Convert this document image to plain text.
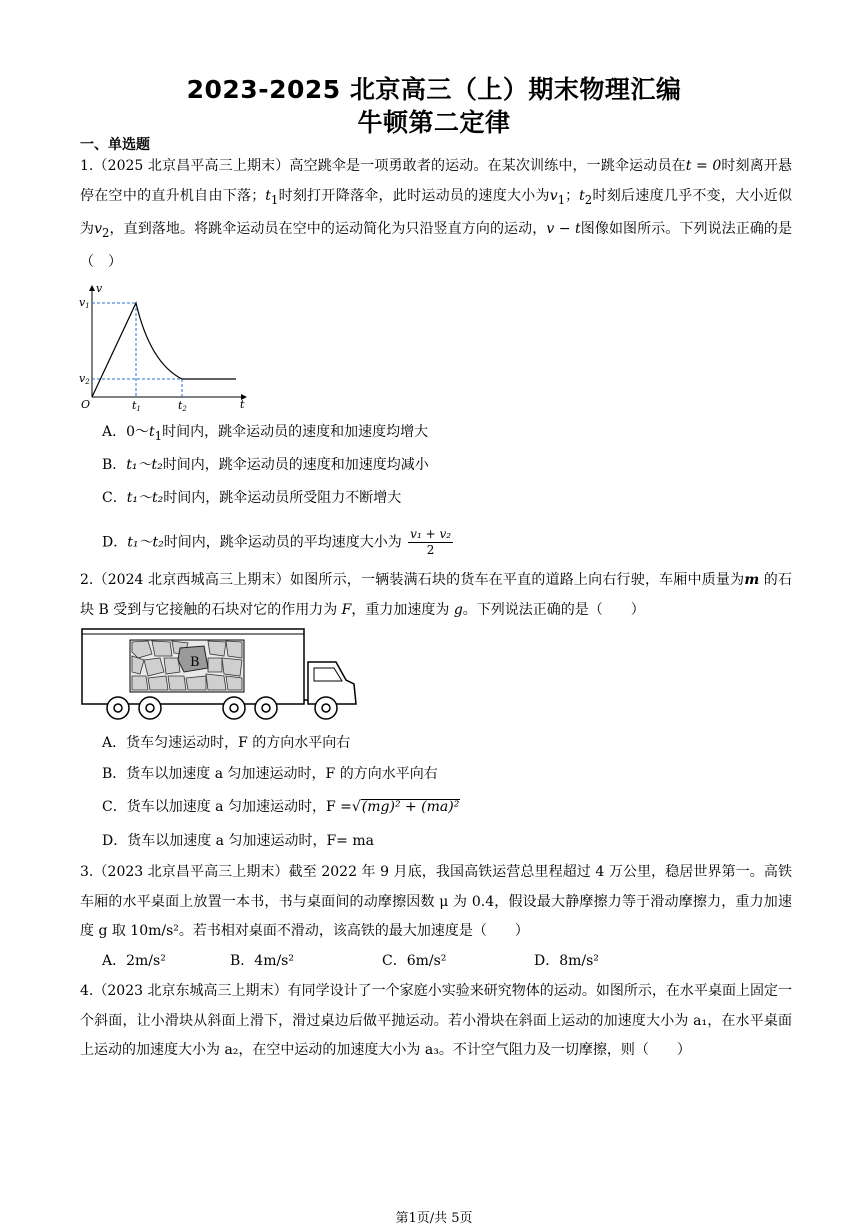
2023-2025 北京高三（上）期末物理汇编
牛顿第二定律
一、单选题
1.（2025 北京昌平高三上期末）高空跳伞是一项勇敢者的运动。在某次训练中，一跳伞运动员在t = 0时刻离开悬停在空中的直升机自由下落；$t_1$时刻打开降落伞，此时运动员的速度大小为$v_1$；$t_2$时刻后速度几乎不变，大小近似为$v_2$，直到落地。将跳伞运动员在空中的运动简化为只沿竖直方向的运动，v − t图像如图所示。下列说法正确的是（　）
v
t
O
v1
v2
t1	t2
A．$0\sim t_1$时间内，跳伞运动员的速度和加速度均增大
B．t₁～t₂时间内，跳伞运动员的速度和加速度均减小
C．t₁～t₂时间内，跳伞运动员所受阻力不断增大
D．t₁～t₂时间内，跳伞运动员的平均速度大小为 $\frac{\text{v₁ + v₂}}{2}$
2.（2024 北京西城高三上期末）如图所示，一辆装满石块的货车在平直的道路上向右行驶，车厢中质量为m 的石块 B 受到与它接触的石块对它的作用力为 F，重力加速度为 g。下列说法正确的是（　　）
B
A．货车匀速运动时，F 的方向水平向右
B．货车以加速度 a 匀加速运动时，F 的方向水平向右
C．货车以加速度 a 匀加速运动时，F =√(mg)² + (ma)²
D．货车以加速度 a 匀加速运动时，F= ma
3.（2023 北京昌平高三上期末）截至 2022 年 9 月底，我国高铁运营总里程超过 4 万公里，稳居世界第一。高铁车厢的水平桌面上放置一本书，书与桌面间的动摩擦因数 μ 为 0.4，假设最大静摩擦力等于滑动摩擦力，重力加速度 g 取 10m/s²。若书相对桌面不滑动，该高铁的最大加速度是（　　）
A．2m/s²	B．4m/s²	C．6m/s²	D．8m/s²
4.（2023 北京东城高三上期末）有同学设计了一个家庭小实验来研究物体的运动。如图所示，在水平桌面上固定一个斜面，让小滑块从斜面上滑下，滑过桌边后做平抛运动。若小滑块在斜面上运动的加速度大小为 a₁，在水平桌面上运动的加速度大小为 a₂，在空中运动的加速度大小为 a₃。不计空气阻力及一切摩擦，则（　　）
第1页/共 5页
